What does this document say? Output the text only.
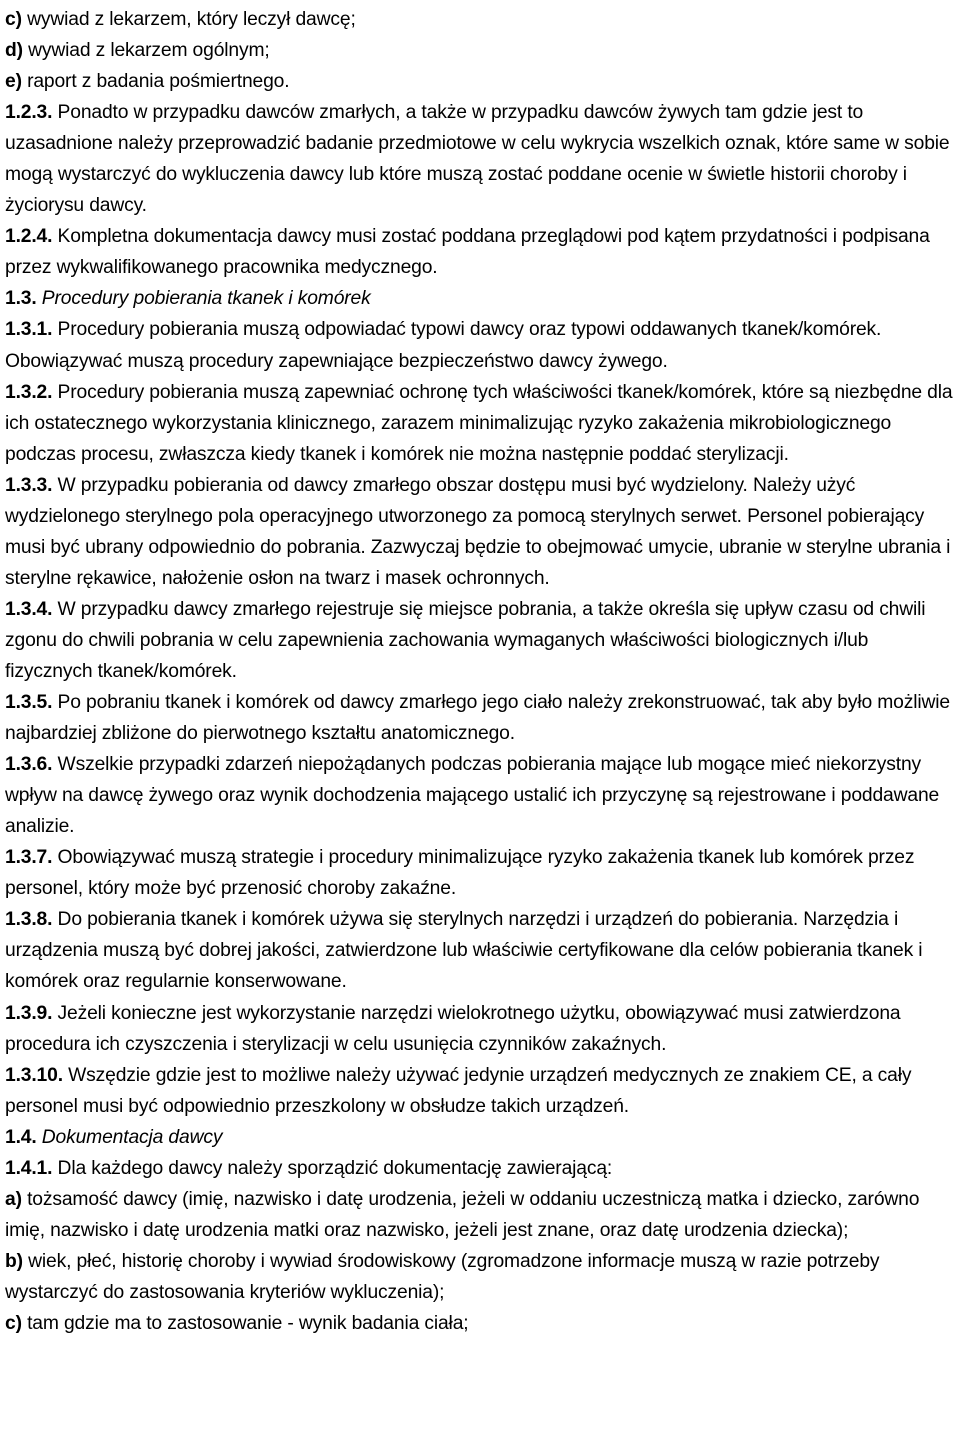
c) wywiad z lekarzem, który leczył dawcę;

d) wywiad z lekarzem ogólnym;

e) raport z badania pośmiertnego.

1.2.3. Ponadto w przypadku dawców zmarłych, a także w przypadku dawców żywych tam gdzie jest to uzasadnione należy przeprowadzić badanie przedmiotowe w celu wykrycia wszelkich oznak, które same w sobie mogą wystarczyć do wykluczenia dawcy lub które muszą zostać poddane ocenie w świetle historii choroby i życiorysu dawcy.

1.2.4. Kompletna dokumentacja dawcy musi zostać poddana przeglądowi pod kątem przydatności i podpisana przez wykwalifikowanego pracownika medycznego.

1.3. Procedury pobierania tkanek i komórek

1.3.1. Procedury pobierania muszą odpowiadać typowi dawcy oraz typowi oddawanych tkanek/komórek. Obowiązywać muszą procedury zapewniające bezpieczeństwo dawcy żywego.

1.3.2. Procedury pobierania muszą zapewniać ochronę tych właściwości tkanek/komórek, które są niezbędne dla ich ostatecznego wykorzystania klinicznego, zarazem minimalizując ryzyko zakażenia mikrobiologicznego podczas procesu, zwłaszcza kiedy tkanek i komórek nie można następnie poddać sterylizacji.

1.3.3. W przypadku pobierania od dawcy zmarłego obszar dostępu musi być wydzielony. Należy użyć wydzielonego sterylnego pola operacyjnego utworzonego za pomocą sterylnych serwet. Personel pobierający musi być ubrany odpowiednio do pobrania. Zazwyczaj będzie to obejmować umycie, ubranie w sterylne ubrania i sterylne rękawice, nałożenie osłon na twarz i masek ochronnych.

1.3.4. W przypadku dawcy zmarłego rejestruje się miejsce pobrania, a także określa się upływ czasu od chwili zgonu do chwili pobrania w celu zapewnienia zachowania wymaganych właściwości biologicznych i/lub fizycznych tkanek/komórek.

1.3.5. Po pobraniu tkanek i komórek od dawcy zmarłego jego ciało należy zrekonstruować, tak aby było możliwie najbardziej zbliżone do pierwotnego kształtu anatomicznego.

1.3.6. Wszelkie przypadki zdarzeń niepożądanych podczas pobierania mające lub mogące mieć niekorzystny wpływ na dawcę żywego oraz wynik dochodzenia mającego ustalić ich przyczynę są rejestrowane i poddawane analizie.

1.3.7. Obowiązywać muszą strategie i procedury minimalizujące ryzyko zakażenia tkanek lub komórek przez personel, który może być przenosić choroby zakaźne.

1.3.8. Do pobierania tkanek i komórek używa się sterylnych narzędzi i urządzeń do pobierania. Narzędzia i urządzenia muszą być dobrej jakości, zatwierdzone lub właściwie certyfikowane dla celów pobierania tkanek i komórek oraz regularnie konserwowane.

1.3.9. Jeżeli konieczne jest wykorzystanie narzędzi wielokrotnego użytku, obowiązywać musi zatwierdzona procedura ich czyszczenia i sterylizacji w celu usunięcia czynników zakaźnych.

1.3.10. Wszędzie gdzie jest to możliwe należy używać jedynie urządzeń medycznych ze znakiem CE, a cały personel musi być odpowiednio przeszkolony w obsłudze takich urządzeń.

1.4. Dokumentacja dawcy

1.4.1. Dla każdego dawcy należy sporządzić dokumentację zawierającą:

a) tożsamość dawcy (imię, nazwisko i datę urodzenia, jeżeli w oddaniu uczestniczą matka i dziecko, zarówno imię, nazwisko i datę urodzenia matki oraz nazwisko, jeżeli jest znane, oraz datę urodzenia dziecka);

b) wiek, płeć, historię choroby i wywiad środowiskowy (zgromadzone informacje muszą w razie potrzeby wystarczyć do zastosowania kryteriów wykluczenia);

c) tam gdzie ma to zastosowanie - wynik badania ciała;
